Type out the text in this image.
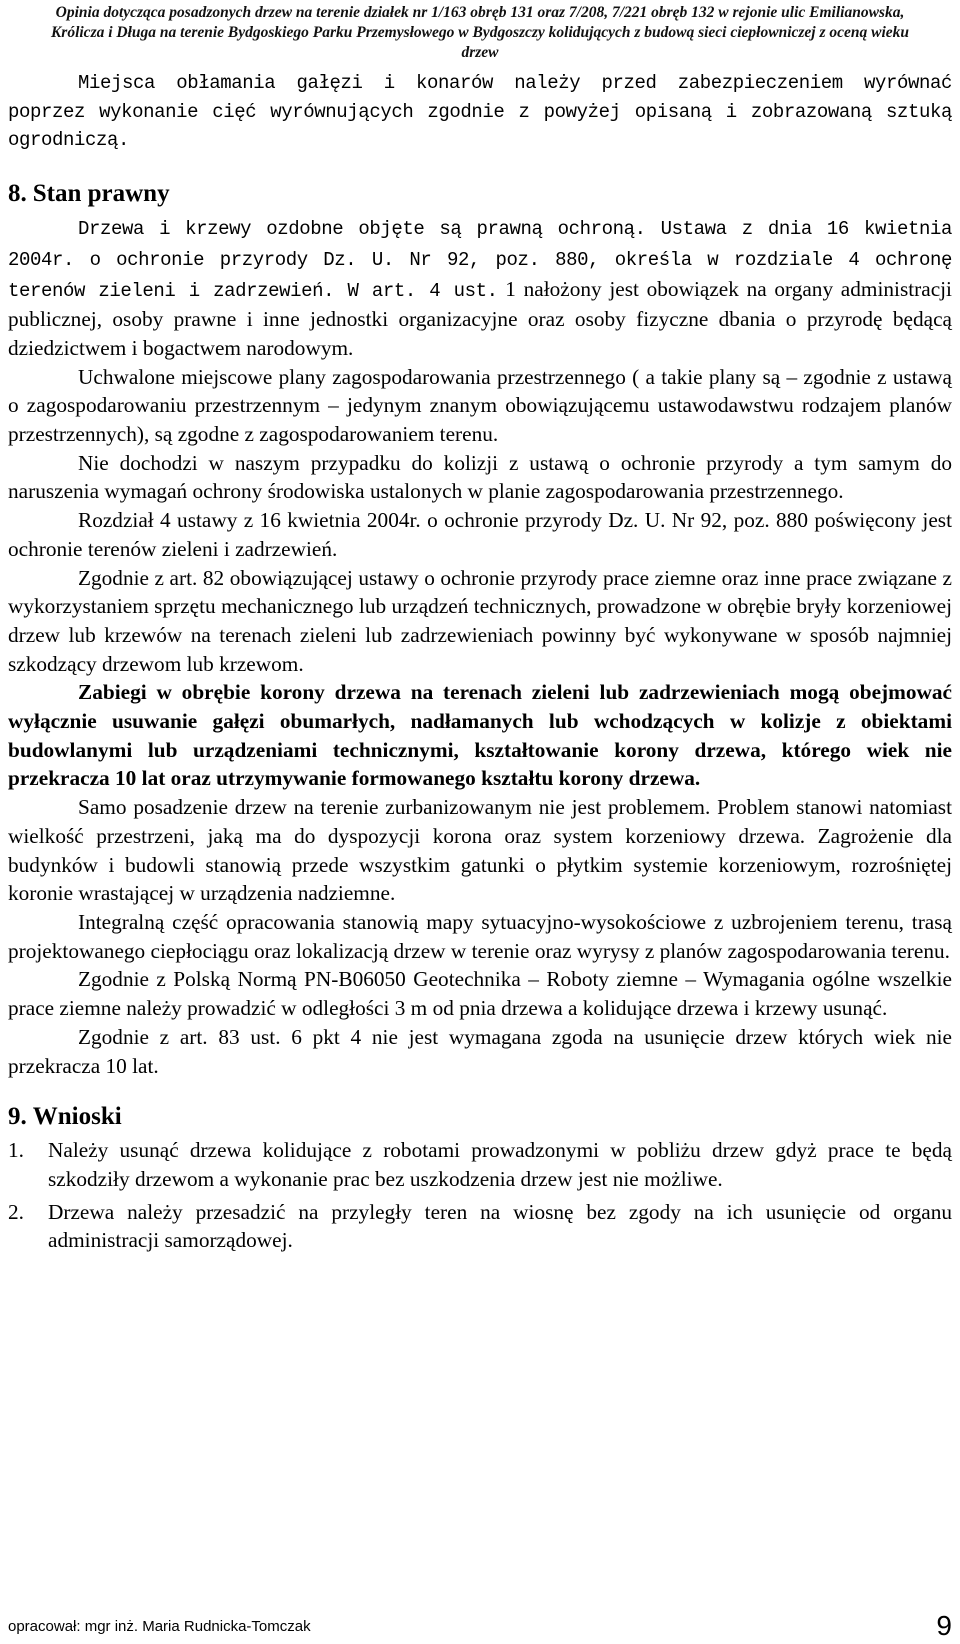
Opinia dotycząca posadzonych drzew na terenie działek nr 1/163 obręb 131 oraz 7/208, 7/221 obręb 132 w rejonie ulic Emilianowska,
Królicza i Długa na terenie Bydgoskiego Parku Przemysłowego w Bydgoszczy kolidujących z budową sieci ciepłowniczej z oceną wieku
drzew

Miejsca obłamania gałęzi i konarów należy przed zabezpieczeniem wyrównać poprzez wykonanie cięć wyrównujących zgodnie z powyżej opisaną i zobrazowaną sztuką ogrodniczą.

8. Stan prawny

Drzewa i krzewy ozdobne objęte są prawną ochroną. Ustawa z dnia 16 kwietnia 2004r. o ochronie przyrody Dz. U. Nr 92, poz. 880, określa w rozdziale 4 ochronę terenów zieleni i zadrzewień. W art. 4 ust. 1 nałożony jest obowiązek na organy administracji publicznej, osoby prawne i inne jednostki organizacyjne oraz osoby fizyczne dbania o przyrodę będącą dziedzictwem i bogactwem narodowym.

Uchwalone miejscowe plany zagospodarowania przestrzennego ( a takie plany są – zgodnie z ustawą o zagospodarowaniu przestrzennym – jedynym znanym obowiązującemu ustawodawstwu rodzajem planów przestrzennych), są zgodne z zagospodarowaniem terenu.

Nie dochodzi w naszym przypadku do kolizji z ustawą o ochronie przyrody a tym samym do naruszenia wymagań ochrony środowiska ustalonych w planie zagospodarowania przestrzennego.

Rozdział 4 ustawy z 16 kwietnia 2004r. o ochronie przyrody Dz. U. Nr 92, poz. 880 poświęcony jest ochronie terenów zieleni i zadrzewień.

Zgodnie z art. 82 obowiązującej ustawy o ochronie przyrody prace ziemne oraz inne prace związane z wykorzystaniem sprzętu mechanicznego lub urządzeń technicznych, prowadzone w obrębie bryły korzeniowej drzew lub krzewów na terenach zieleni lub zadrzewieniach powinny być wykonywane w sposób najmniej szkodzący drzewom lub krzewom.

Zabiegi w obrębie korony drzewa na terenach zieleni lub zadrzewieniach mogą obejmować wyłącznie usuwanie gałęzi obumarłych, nadłamanych lub wchodzących w kolizje z obiektami budowlanymi lub urządzeniami technicznymi, kształtowanie korony drzewa, którego wiek nie przekracza 10 lat oraz utrzymywanie formowanego kształtu korony drzewa.

Samo posadzenie drzew na terenie zurbanizowanym nie jest problemem. Problem stanowi natomiast wielkość przestrzeni, jaką ma do dyspozycji korona oraz system korzeniowy drzewa. Zagrożenie dla budynków i budowli stanowią przede wszystkim gatunki o płytkim systemie korzeniowym, rozrośniętej koronie wrastającej w urządzenia nadziemne.

Integralną część opracowania stanowią mapy sytuacyjno-wysokościowe z uzbrojeniem terenu, trasą projektowanego ciepłociągu oraz lokalizacją drzew w terenie oraz wyrysy z planów zagospodarowania terenu.

Zgodnie z Polską Normą PN-B06050 Geotechnika – Roboty ziemne – Wymagania ogólne wszelkie prace ziemne należy prowadzić w odległości 3 m od pnia drzewa a kolidujące drzewa i krzewy usunąć.

Zgodnie z art. 83 ust. 6 pkt 4 nie jest wymagana zgoda na usunięcie drzew których wiek nie przekracza 10 lat.

9. Wnioski

1. Należy usunąć drzewa kolidujące z robotami prowadzonymi w pobliżu drzew gdyż prace te będą szkodziły drzewom a wykonanie prac bez uszkodzenia drzew jest nie możliwe.
2. Drzewa należy przesadzić na przyległy teren na wiosnę bez zgody na ich usunięcie od organu administracji samorządowej.
opracował: mgr inż. Maria Rudnicka-Tomczak	9
